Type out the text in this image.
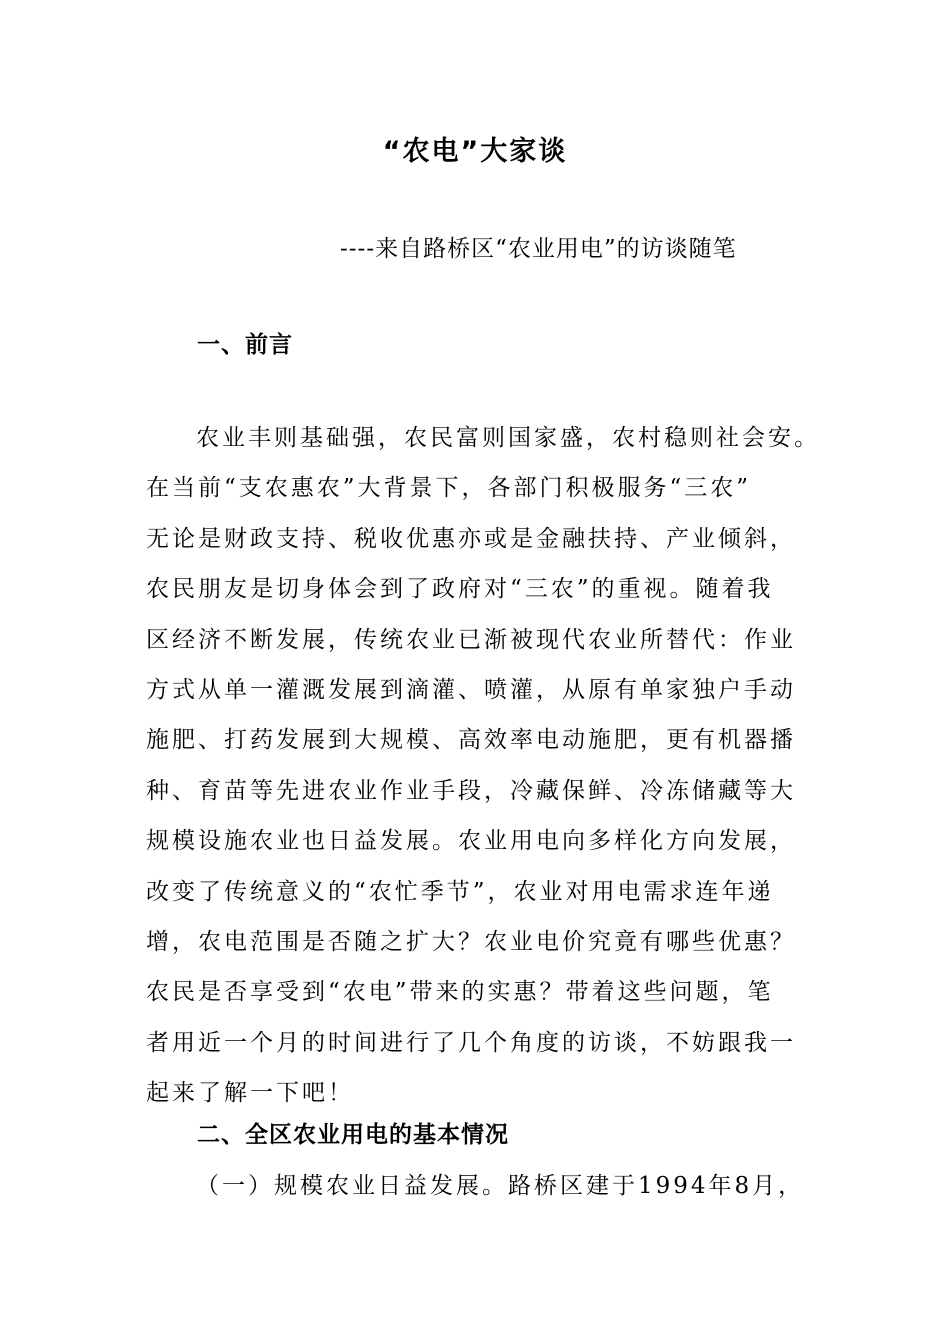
“农电”大家谈
----来自路桥区“农业用电”的访谈随笔
一、前言
农业丰则基础强，农民富则国家盛，农村稳则社会安。
在当前“支农惠农”大背景下，各部门积极服务“三农”
无论是财政支持、税收优惠亦或是金融扶持、产业倾斜，
农民朋友是切身体会到了政府对“三农”的重视。随着我
区经济不断发展，传统农业已渐被现代农业所替代：作业
方式从单一灌溉发展到滴灌、喷灌，从原有单家独户手动
施肥、打药发展到大规模、高效率电动施肥，更有机器播
种、育苗等先进农业作业手段，冷藏保鲜、冷冻储藏等大
规模设施农业也日益发展。农业用电向多样化方向发展，
改变了传统意义的“农忙季节”，农业对用电需求连年递
增，农电范围是否随之扩大？农业电价究竟有哪些优惠？
农民是否享受到“农电”带来的实惠？带着这些问题，笔
者用近一个月的时间进行了几个角度的访谈，不妨跟我一
起来了解一下吧！
二、全区农业用电的基本情况
（一）规模农业日益发展。路桥区建于1994年8月，
